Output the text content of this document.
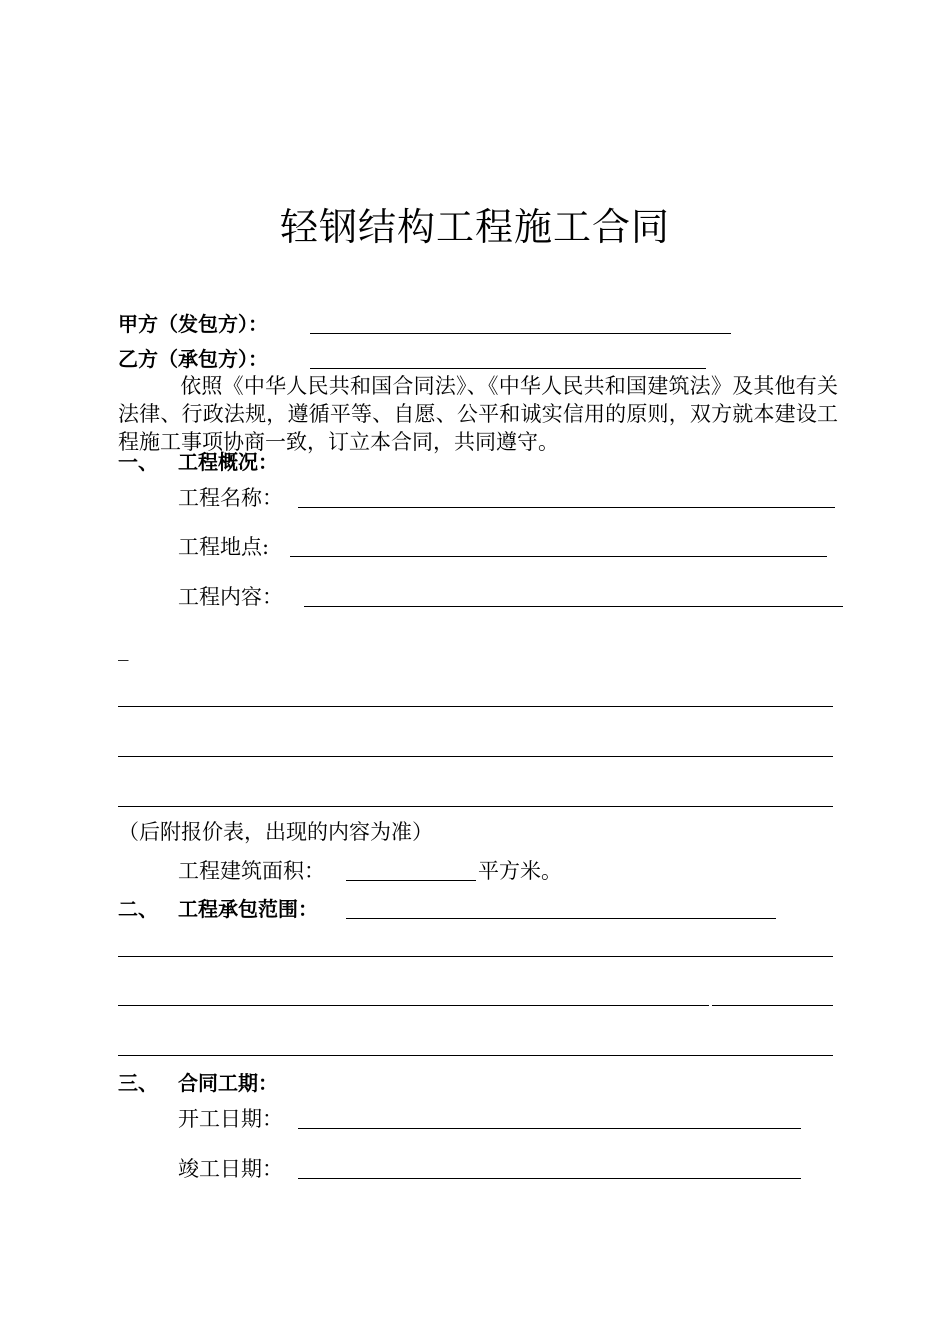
轻钢结构工程施工合同
甲方（发包方）：
乙方（承包方）：
依照《中华人民共和国合同法》、《中华人民共和国建筑法》及其他有关法律、行政法规，遵循平等、自愿、公平和诚实信用的原则，双方就本建设工程施工事项协商一致，订立本合同，共同遵守。
一、 工程概况：
工程名称：
工程地点:
工程内容：
_
（后附报价表，出现的内容为准）
工程建筑面积：	平方米。
二、 工程承包范围：
三、 合同工期：
开工日期：
竣工日期：
